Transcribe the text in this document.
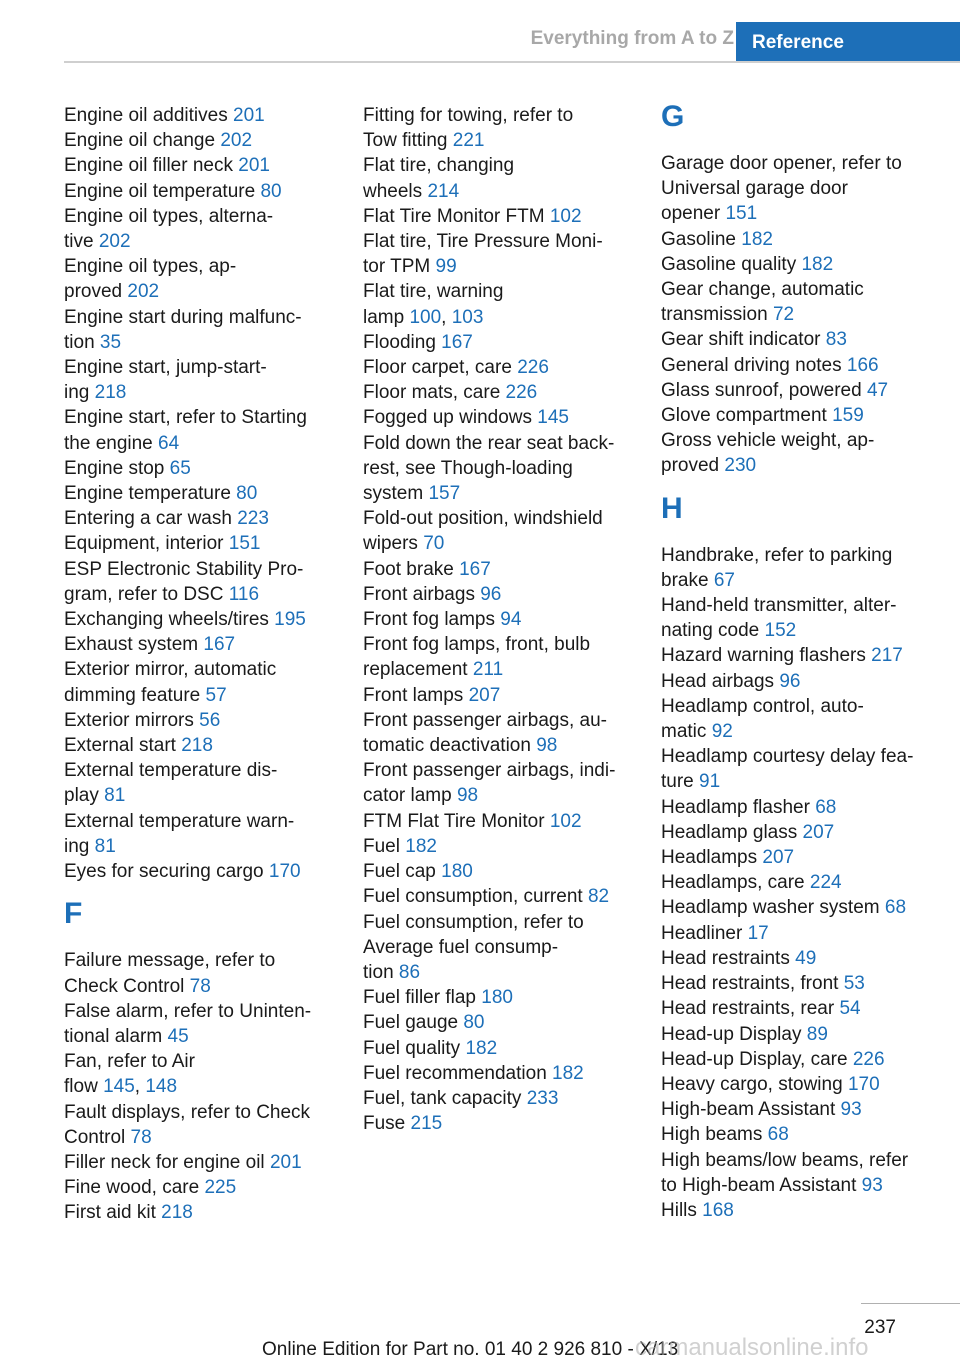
Everything from A to Z Reference
Engine oil additives 201
Engine oil change 202
Engine oil filler neck 201
Engine oil temperature 80
Engine oil types, alterna-
tive 202
Engine oil types, ap-
proved 202
Engine start during malfunc-
tion 35
Engine start, jump-start-
ing 218
Engine start, refer to Starting
the engine 64
Engine stop 65
Engine temperature 80
Entering a car wash 223
Equipment, interior 151
ESP Electronic Stability Pro-
gram, refer to DSC 116
Exchanging wheels/tires 195
Exhaust system 167
Exterior mirror, automatic
dimming feature 57
Exterior mirrors 56
External start 218
External temperature dis-
play 81
External temperature warn-
ing 81
Eyes for securing cargo 170
F
Failure message, refer to
Check Control 78
False alarm, refer to Uninten-
tional alarm 45
Fan, refer to Air
flow 145, 148
Fault displays, refer to Check
Control 78
Filler neck for engine oil 201
Fine wood, care 225
First aid kit 218
Fitting for towing, refer to
Tow fitting 221
Flat tire, changing
wheels 214
Flat Tire Monitor FTM 102
Flat tire, Tire Pressure Moni-
tor TPM 99
Flat tire, warning
lamp 100, 103
Flooding 167
Floor carpet, care 226
Floor mats, care 226
Fogged up windows 145
Fold down the rear seat back-
rest, see Though-loading
system 157
Fold-out position, windshield
wipers 70
Foot brake 167
Front airbags 96
Front fog lamps 94
Front fog lamps, front, bulb
replacement 211
Front lamps 207
Front passenger airbags, au-
tomatic deactivation 98
Front passenger airbags, indi-
cator lamp 98
FTM Flat Tire Monitor 102
Fuel 182
Fuel cap 180
Fuel consumption, current 82
Fuel consumption, refer to
Average fuel consump-
tion 86
Fuel filler flap 180
Fuel gauge 80
Fuel quality 182
Fuel recommendation 182
Fuel, tank capacity 233
Fuse 215
G
Garage door opener, refer to
Universal garage door
opener 151
Gasoline 182
Gasoline quality 182
Gear change, automatic
transmission 72
Gear shift indicator 83
General driving notes 166
Glass sunroof, powered 47
Glove compartment 159
Gross vehicle weight, ap-
proved 230
H
Handbrake, refer to parking
brake 67
Hand-held transmitter, alter-
nating code 152
Hazard warning flashers 217
Head airbags 96
Headlamp control, auto-
matic 92
Headlamp courtesy delay fea-
ture 91
Headlamp flasher 68
Headlamp glass 207
Headlamps 207
Headlamps, care 224
Headlamp washer system 68
Headliner 17
Head restraints 49
Head restraints, front 53
Head restraints, rear 54
Head-up Display 89
Head-up Display, care 226
Heavy cargo, stowing 170
High-beam Assistant 93
High beams 68
High beams/low beams, refer
to High-beam Assistant 93
Hills 168
237
Online Edition for Part no. 01 40 2 926 810 - X/13
carmanualsonline.info
